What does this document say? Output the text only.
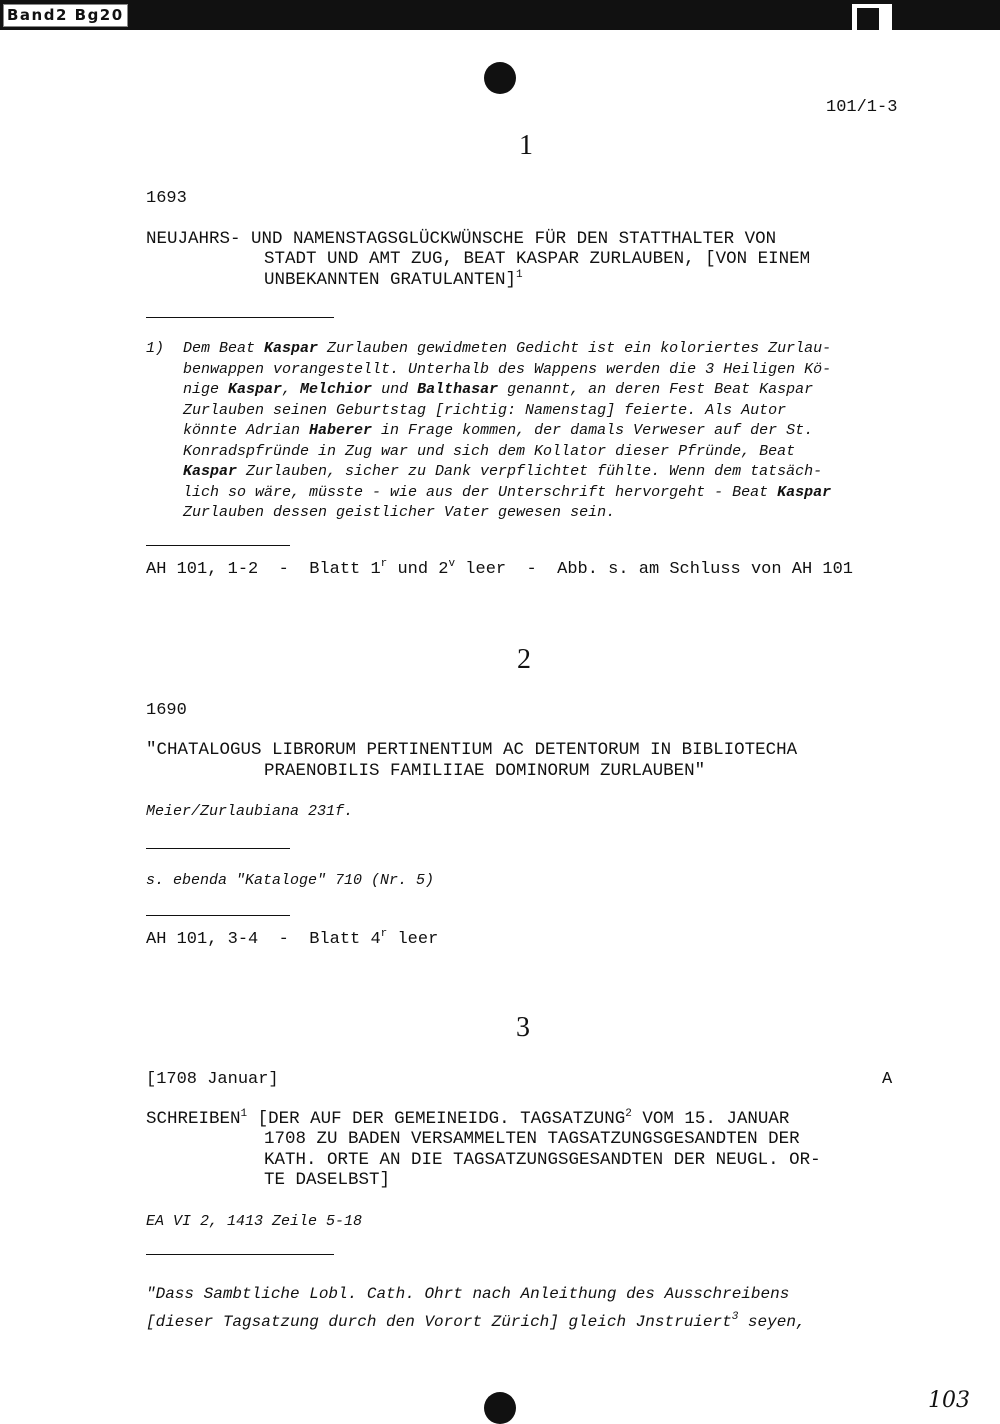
Band2 Bg20
101/1-3
1
1693
NEUJAHRS- UND NAMENSTAGSGLÜCKWÜNSCHE FÜR DEN STATTHALTER VON
STADT UND AMT ZUG, BEAT KASPAR ZURLAUBEN, [VON EINEM
UNBEKANNTEN GRATULANTEN]$^1$
1) Dem Beat Kaspar Zurlauben gewidmeten Gedicht ist ein koloriertes Zurlau-
benwappen vorangestellt. Unterhalb des Wappens werden die 3 Heiligen Kö-
nige Kaspar, Melchior und Balthasar genannt, an deren Fest Beat Kaspar
Zurlauben seinen Geburtstag [richtig: Namenstag] feierte. Als Autor
könnte Adrian Haberer in Frage kommen, der damals Verweser auf der St.
Konradspfründe in Zug war und sich dem Kollator dieser Pfründe, Beat
Kaspar Zurlauben, sicher zu Dank verpflichtet fühlte. Wenn dem tatsäch-
lich so wäre, müsste - wie aus der Unterschrift hervorgeht - Beat Kaspar
Zurlauben dessen geistlicher Vater gewesen sein.
AH 101, 1-2 - Blatt 1$^r$ und 2$^v$ leer - Abb. s. am Schluss von AH 101
2
1690
"CHATALOGUS LIBRORUM PERTINENTIUM AC DETENTORUM IN BIBLIOTECHA
PRAENOBILIS FAMILIIAE DOMINORUM ZURLAUBEN"
Meier/Zurlaubiana 231f.
s. ebenda "Kataloge" 710 (Nr. 5)
AH 101, 3-4 - Blatt 4$^r$ leer
3
[1708 Januar]	A
SCHREIBEN$^1$ [DER AUF DER GEMEINEIDG. TAGSATZUNG$^2$ VOM 15. JANUAR
1708 ZU BADEN VERSAMMELTEN TAGSATZUNGSGESANDTEN DER
KATH. ORTE AN DIE TAGSATZUNGSGESANDTEN DER NEUGL. OR-
TE DASELBST]
EA VI 2, 1413 Zeile 5-18
"Dass Sambtliche Lobl. Cath. Ohrt nach Anleithung des Ausschreibens
[dieser Tagsatzung durch den Vorort Zürich] gleich Jnstruiert$^3$ seyen,
103
